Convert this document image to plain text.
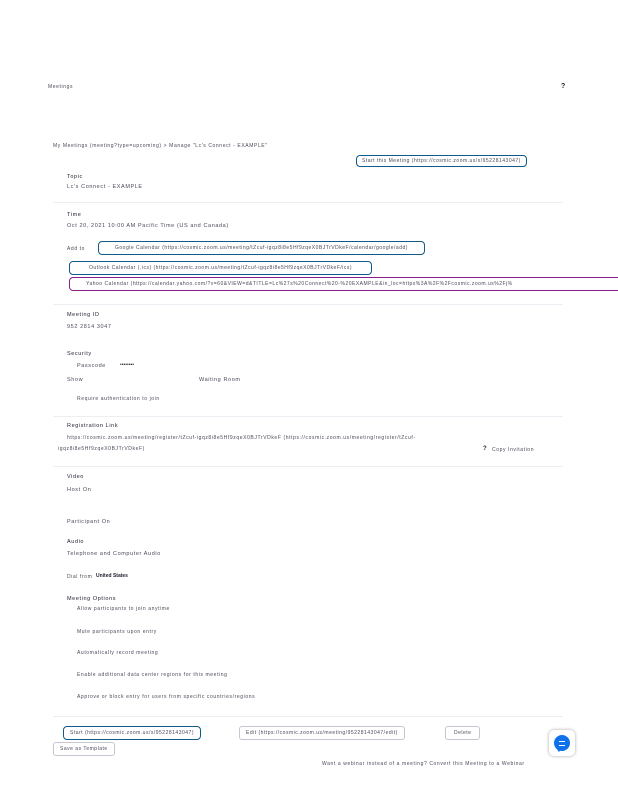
Meetings	?
My Meetings (meeting?type=upcoming) > Manage "Lc's Connect - EXAMPLE"
Start this Meeting (https://cosmic.zoom.us/s/95228143047)
Topic
Lc's Connect - EXAMPLE
Time
Oct 20, 2021 10:00 AM Pacific Time (US and Canada)
Add to	Google Calendar (https://cosmic.zoom.us/meeting/tZcuf-igqz8i8e5Hf9zqeX0BJTrVDkeF/calendar/google/add)
Outlook Calendar (.ics) (https://cosmic.zoom.us/meeting/tZcuf-igqz8i8e5Hf9zqeX0BJTrVDkeF/ics)
Yahoo Calendar (https://calendar.yahoo.com/?v=60&VIEW=d&TITLE=Lc%27s%20Connect%20-%20EXAMPLE&in_loc=https%3A%2F%2Fcosmic.zoom.us%2Fj%
Meeting ID
952 2814 3047
Security
Passcode	••••••••
Show	Waiting Room
Require authentication to join
Registration Link
https://cosmic.zoom.us/meeting/register/tZcuf-igqz8i8e5Hf9zqeX0BJTrVDkeF (https://cosmic.zoom.us/meeting/register/tZcuf-
igqz8i8e5Hf9zqeX0BJTrVDkeF)	? Copy Invitation
Video
Host On
Participant On
Audio
Telephone and Computer Audio
Dial from United States
Meeting Options
Allow participants to join anytime
Mute participants upon entry
Automatically record meeting
Enable additional data center regions for this meeting
Approve or block entry for users from specific countries/regions
Start (https://cosmic.zoom.us/s/95228143047)	Edit (https://cosmic.zoom.us/meeting/95228143047/edit)	Delete
Save as Template
Want a webinar instead of a meeting? Convert this Meeting to a Webinar
